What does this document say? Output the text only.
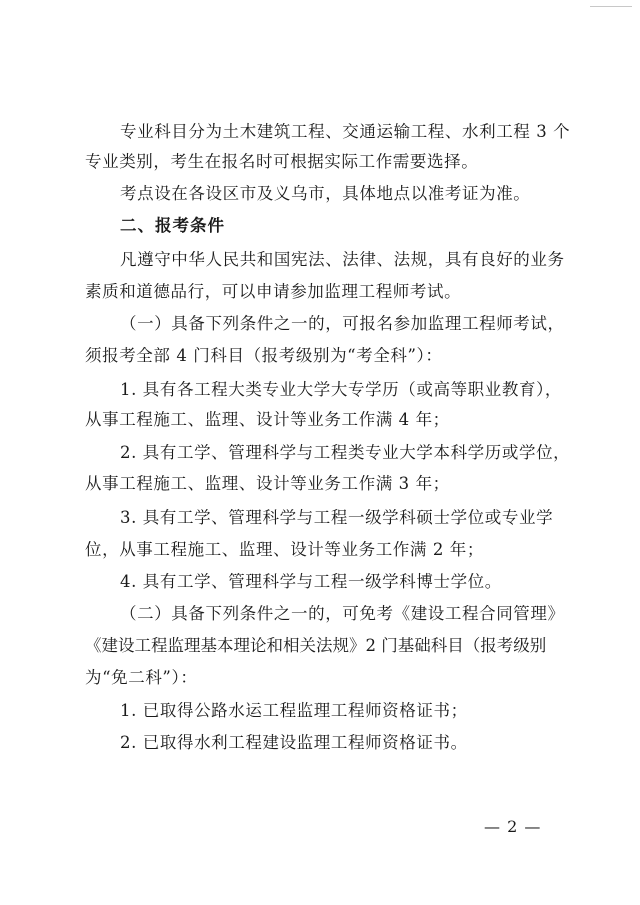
专业科目分为土木建筑工程、交通运输工程、水利工程 3 个
专业类别，考生在报名时可根据实际工作需要选择。
考点设在各设区市及义乌市，具体地点以准考证为准。
二、报考条件
凡遵守中华人民共和国宪法、法律、法规，具有良好的业务
素质和道德品行，可以申请参加监理工程师考试。
（一）具备下列条件之一的，可报名参加监理工程师考试，
须报考全部 4 门科目（报考级别为“考全科”）：
1. 具有各工程大类专业大学大专学历（或高等职业教育），
从事工程施工、监理、设计等业务工作满 4 年；
2. 具有工学、管理科学与工程类专业大学本科学历或学位，
从事工程施工、监理、设计等业务工作满 3 年；
3. 具有工学、管理科学与工程一级学科硕士学位或专业学
位，从事工程施工、监理、设计等业务工作满 2 年；
4. 具有工学、管理科学与工程一级学科博士学位。
（二）具备下列条件之一的，可免考《建设工程合同管理》
《建设工程监理基本理论和相关法规》2 门基础科目（报考级别
为“免二科”）：
1. 已取得公路水运工程监理工程师资格证书；
2. 已取得水利工程建设监理工程师资格证书。
— 2 —
